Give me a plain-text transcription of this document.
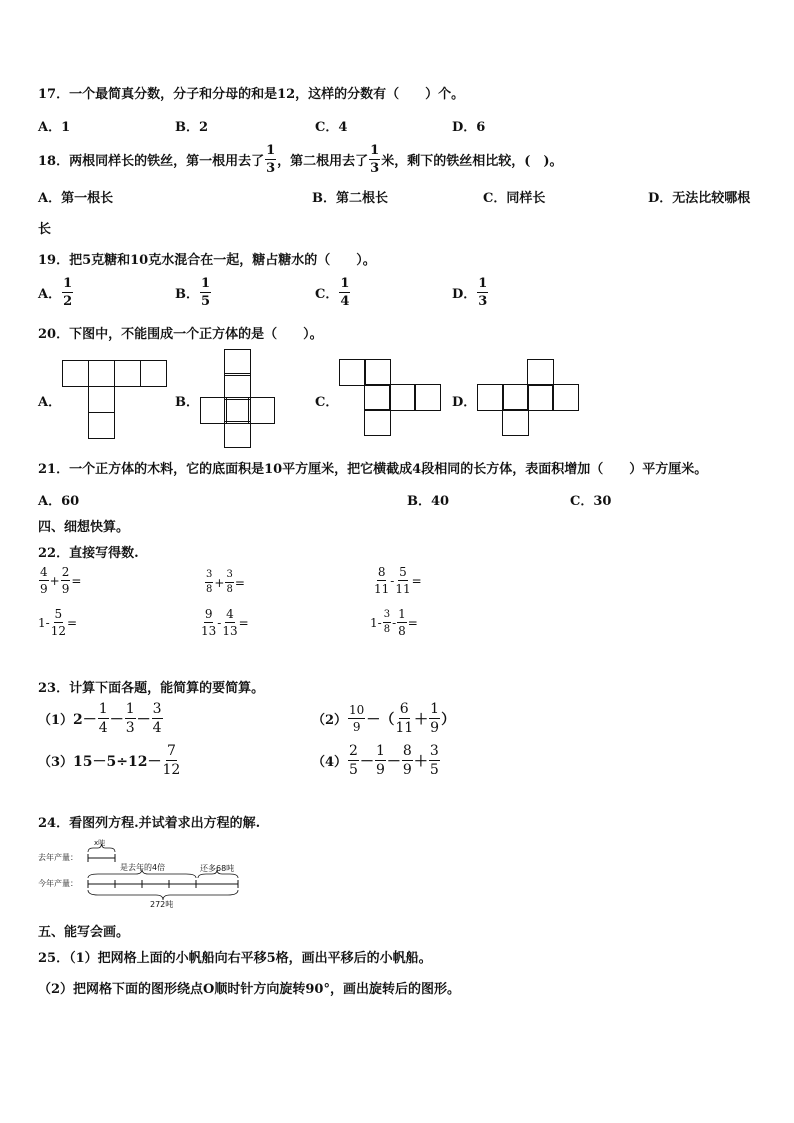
17．一个最简真分数，分子和分母的和是12，这样的分数有（　　）个。
A．1	B．2	C．4	D．6
18．两根同样长的铁丝，第一根用去了 $\frac{1}{3}$ ，第二根用去了 $\frac{1}{3}$ 米，剩下的铁丝相比较，(　)。
A．第一根长	B．第二根长	C．同样长	D．无法比较哪根
长
19．把5克糖和10克水混合在一起，糖占糖水的（　　）。
A． $\frac{1}{2}$	B． $\frac{1}{5}$	C． $\frac{1}{4}$	D． $\frac{1}{3}$
20．下图中，不能围成一个正方体的是（　　）。
A．	B．	C．	D．
21．一个正方体的木料，它的底面积是10平方厘米，把它横截成4段相同的长方体，表面积增加（　　）平方厘米。
A．60	B．40	C．30
四、细想快算。
22．直接写得数.
$\frac{4}{9} + \frac{2}{9}$ =	$\frac{3}{8} + \frac{3}{8}$ =	$\frac{8}{11} - \frac{5}{11}$ =
$1- \frac{5}{12}$ =	$\frac{9}{13} - \frac{4}{13}$ =	$1- \frac{3}{8} - \frac{1}{8}$ =
23．计算下面各题，能简算的要简算。
（1） $2- \frac{1}{4} - \frac{1}{3} - \frac{3}{4}$	$(2) \frac{10}{9}$ －（ $\frac{6}{11} + \frac{1}{9}$ ）
（3） $15-5\div 12- \frac{7}{12}$	$(4) \frac{2}{5} - \frac{1}{9} - \frac{8}{9} + \frac{3}{5}$
24．看图列方程.并试着求出方程的解.
去年产量：
x吨
今年产量：
是去年的4倍	还多68吨
272吨
五、能写会画。
25．（1）把网格上面的小帆船向右平移5格，画出平移后的小帆船。
（2）把网格下面的图形绕点O顺时针方向旋转90°，画出旋转后的图形。
